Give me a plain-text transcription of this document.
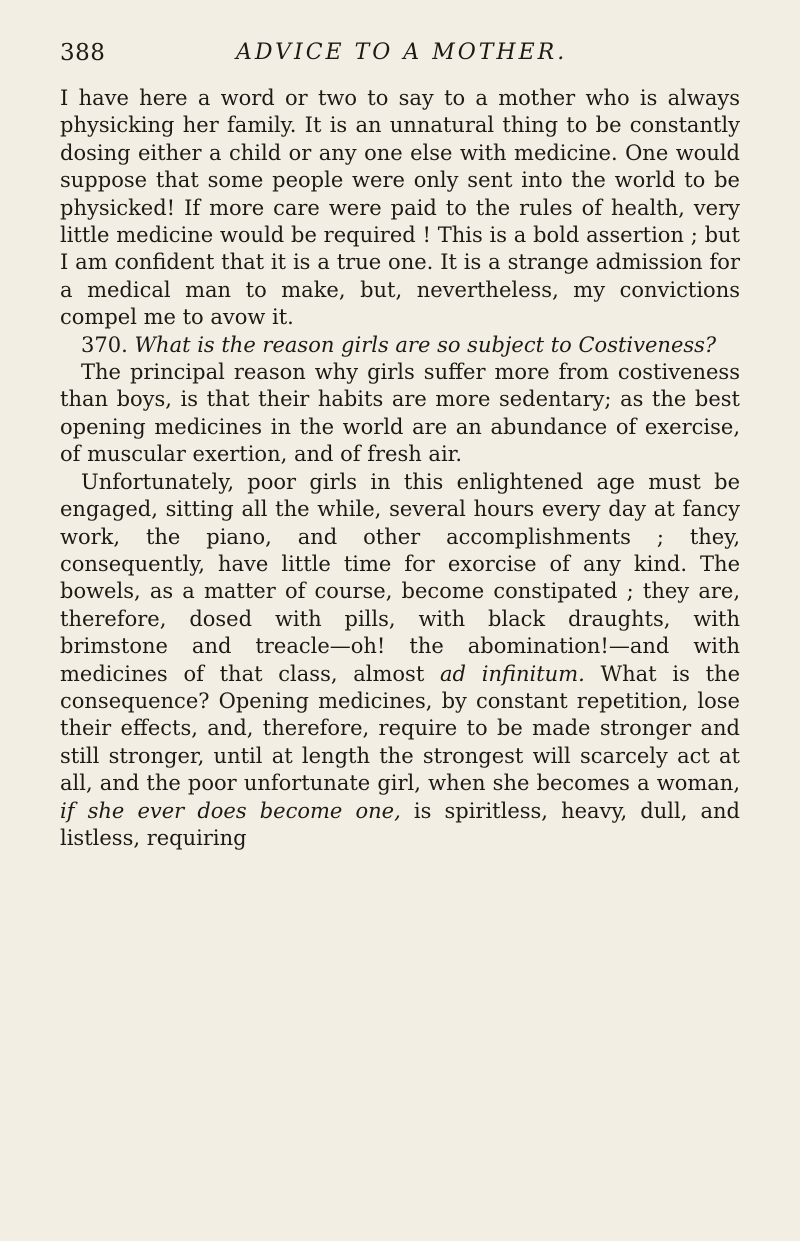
388	ADVICE TO A MOTHER.

I have here a word or two to say to a mother who is always physicking her family. It is an unnatural thing to be constantly dosing either a child or any one else with medicine. One would suppose that some people were only sent into the world to be physicked! If more care were paid to the rules of health, very little medicine would be required ! This is a bold assertion ; but I am confident that it is a true one. It is a strange admission for a medical man to make, but, nevertheless, my convictions compel me to avow it.

370. What is the reason girls are so subject to Costiveness?

The principal reason why girls suffer more from costiveness than boys, is that their habits are more sedentary; as the best opening medicines in the world are an abundance of exercise, of muscular exertion, and of fresh air.

Unfortunately, poor girls in this enlightened age must be engaged, sitting all the while, several hours every day at fancy work, the piano, and other accomplishments ; they, consequently, have little time for exorcise of any kind. The bowels, as a matter of course, become constipated ; they are, therefore, dosed with pills, with black draughts, with brimstone and treacle—oh! the abomination!—and with medicines of that class, almost ad infinitum. What is the consequence? Opening medicines, by constant repetition, lose their effects, and, therefore, require to be made stronger and still stronger, until at length the strongest will scarcely act at all, and the poor unfortunate girl, when she becomes a woman, if she ever does become one, is spiritless, heavy, dull, and listless, requiring
